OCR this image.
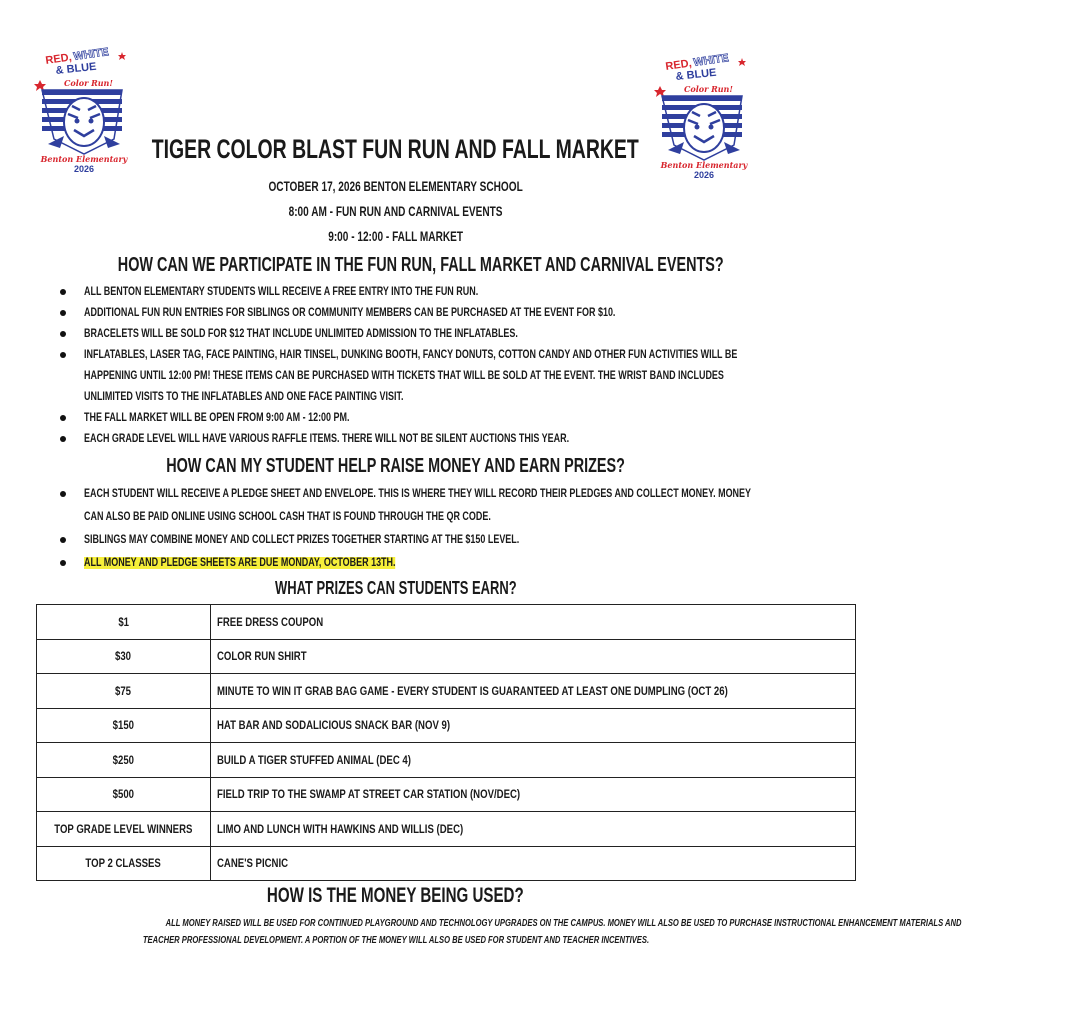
RED, WHITE
& BLUE
Color Run!
Benton Elementary
2026
RED, WHITE
& BLUE
Color Run!
Benton Elementary
2026
TIGER COLOR BLAST FUN RUN AND FALL MARKET
OCTOBER 17, 2026 BENTON ELEMENTARY SCHOOL
8:00 AM - FUN RUN AND CARNIVAL EVENTS
9:00 - 12:00 - FALL MARKET
HOW CAN WE PARTICIPATE IN THE FUN RUN, FALL MARKET AND CARNIVAL EVENTS?
ALL BENTON ELEMENTARY STUDENTS WILL RECEIVE A FREE ENTRY INTO THE FUN RUN.
ADDITIONAL FUN RUN ENTRIES FOR SIBLINGS OR COMMUNITY MEMBERS CAN BE PURCHASED AT THE EVENT FOR $10.
BRACELETS WILL BE SOLD FOR $12 THAT INCLUDE UNLIMITED ADMISSION TO THE INFLATABLES.
INFLATABLES, LASER TAG, FACE PAINTING, HAIR TINSEL, DUNKING BOOTH, FANCY DONUTS, COTTON CANDY AND OTHER FUN ACTIVITIES WILL BE HAPPENING UNTIL 12:00 PM! THESE ITEMS CAN BE PURCHASED WITH TICKETS THAT WILL BE SOLD AT THE EVENT. THE WRIST BAND INCLUDES UNLIMITED VISITS TO THE INFLATABLES AND ONE FACE PAINTING VISIT.
THE FALL MARKET WILL BE OPEN FROM 9:00 AM - 12:00 PM.
EACH GRADE LEVEL WILL HAVE VARIOUS RAFFLE ITEMS. THERE WILL NOT BE SILENT AUCTIONS THIS YEAR.
HOW CAN MY STUDENT HELP RAISE MONEY AND EARN PRIZES?
EACH STUDENT WILL RECEIVE A PLEDGE SHEET AND ENVELOPE. THIS IS WHERE THEY WILL RECORD THEIR PLEDGES AND COLLECT MONEY. MONEY CAN ALSO BE PAID ONLINE USING SCHOOL CASH THAT IS FOUND THROUGH THE QR CODE.
SIBLINGS MAY COMBINE MONEY AND COLLECT PRIZES TOGETHER STARTING AT THE $150 LEVEL.
ALL MONEY AND PLEDGE SHEETS ARE DUE MONDAY, OCTOBER 13TH.
WHAT PRIZES CAN STUDENTS EARN?
$1	FREE DRESS COUPON
$30	COLOR RUN SHIRT
$75	MINUTE TO WIN IT GRAB BAG GAME - EVERY STUDENT IS GUARANTEED AT LEAST ONE DUMPLING (OCT 26)
$150	HAT BAR AND SODALICIOUS SNACK BAR (NOV 9)
$250	BUILD A TIGER STUFFED ANIMAL (DEC 4)
$500	FIELD TRIP TO THE SWAMP AT STREET CAR STATION (NOV/DEC)
TOP GRADE LEVEL WINNERS	LIMO AND LUNCH WITH HAWKINS AND WILLIS (DEC)
TOP 2 CLASSES	CANE'S PICNIC
HOW IS THE MONEY BEING USED?
ALL MONEY RAISED WILL BE USED FOR CONTINUED PLAYGROUND AND TECHNOLOGY UPGRADES ON THE CAMPUS. MONEY WILL ALSO BE USED TO PURCHASE INSTRUCTIONAL ENHANCEMENT MATERIALS AND
TEACHER PROFESSIONAL DEVELOPMENT. A PORTION OF THE MONEY WILL ALSO BE USED FOR STUDENT AND TEACHER INCENTIVES.
